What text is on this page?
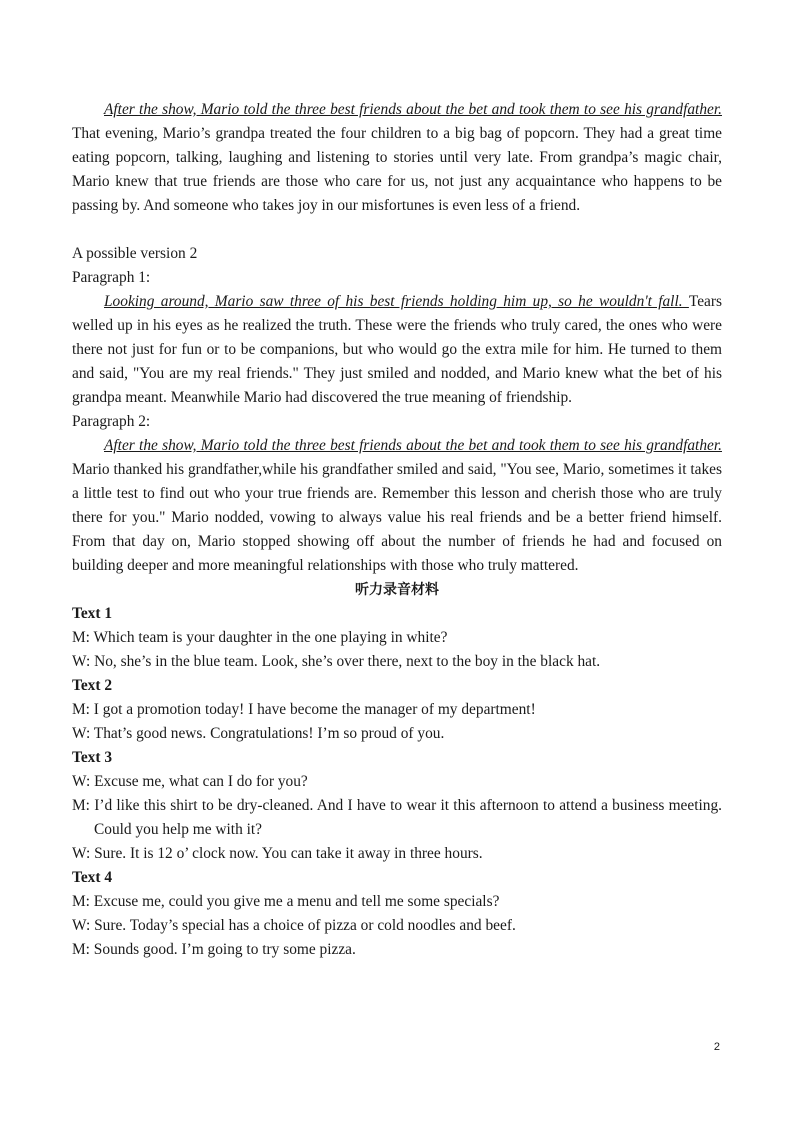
After the show, Mario told the three best friends about the bet and took them to see his grandfather. That evening, Mario’s grandpa treated the four children to a big bag of popcorn. They had a great time eating popcorn, talking, laughing and listening to stories until very late. From grandpa’s magic chair, Mario knew that true friends are those who care for us, not just any acquaintance who happens to be passing by. And someone who takes joy in our misfortunes is even less of a friend.

A possible version 2

Paragraph 1:

Looking around, Mario saw three of his best friends holding him up, so he wouldn't fall. Tears welled up in his eyes as he realized the truth. These were the friends who truly cared, the ones who were there not just for fun or to be companions, but who would go the extra mile for him. He turned to them and said, "You are my real friends." They just smiled and nodded, and Mario knew what the bet of his grandpa meant. Meanwhile Mario had discovered the true meaning of friendship.

Paragraph 2:

After the show, Mario told the three best friends about the bet and took them to see his grandfather. Mario thanked his grandfather,while his grandfather smiled and said, "You see, Mario, sometimes it takes a little test to find out who your true friends are. Remember this lesson and cherish those who are truly there for you." Mario nodded, vowing to always value his real friends and be a better friend himself. From that day on, Mario stopped showing off about the number of friends he had and focused on building deeper and more meaningful relationships with those who truly mattered.

听力录音材料

Text 1

M: Which team is your daughter in the one playing in white?

W: No, she’s in the blue team. Look, she’s over there, next to the boy in the black hat.

Text 2

M: I got a promotion today! I have become the manager of my department!

W: That’s good news. Congratulations! I’m so proud of you.

Text 3

W: Excuse me, what can I do for you?

M: I’d like this shirt to be dry-cleaned. And I have to wear it this afternoon to attend a business meeting. Could you help me with it?

W: Sure. It is 12 o’ clock now. You can take it away in three hours.

Text 4

M: Excuse me, could you give me a menu and tell me some specials?

W: Sure. Today’s special has a choice of pizza or cold noodles and beef.

M: Sounds good. I’m going to try some pizza.

2
